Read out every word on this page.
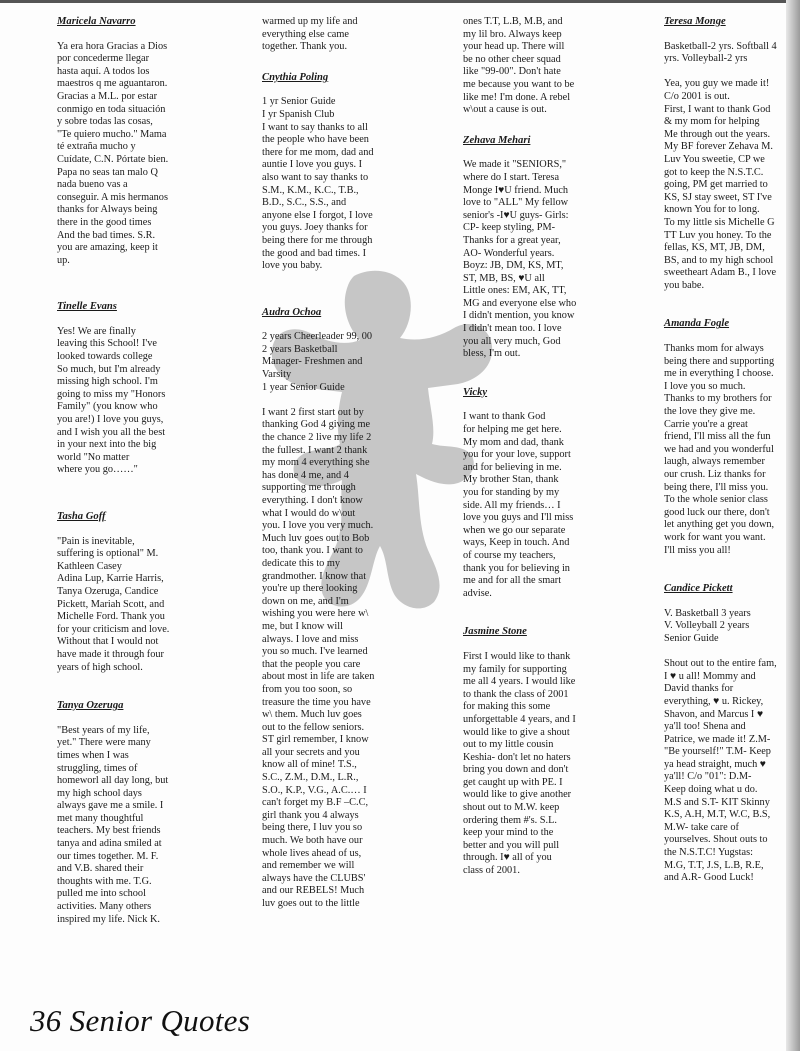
Maricela Navarro

Ya era hora Gracias a Dios
por concederme llegar
hasta aquí. A todos los
maestros q me aguantaron.
Gracias a M.L. por estar
conmigo en toda situación
y sobre todas las cosas,
"Te quiero mucho." Mama
té extraña mucho y
Cuídate, C.N. Pórtate bien.
Papa no seas tan malo Q
nada bueno vas a
conseguir. A mis hermanos
thanks for Always being
there in the good times
And the bad times. S.R.
you are amazing, keep it
up.

Tinelle Evans

Yes! We are finally
leaving this School! I've
looked towards college
So much, but I'm already
missing high school. I'm
going to miss my "Honors
Family" (you know who
you are!) I love you guys,
and I wish you all the best
in your next into the big
world "No matter
where you go……"

Tasha Goff

"Pain is inevitable,
suffering is optional" M.
Kathleen Casey
Adina Lup, Karrie Harris,
Tanya Ozeruga, Candice
Pickett, Mariah Scott, and
Michelle Ford. Thank you
for your criticism and love.
Without that I would not
have made it through four
years of high school.

Tanya Ozeruga

"Best years of my life,
yet." There were many
times when I was
struggling, times of
homeworl all day long, but
my high school days
always gave me a smile. I
met many thoughtful
teachers. My best friends
tanya and adina smiled at
our times together. M. F.
and V.B. shared their
thoughts with me. T.G.
pulled me into school
activities. Many others
inspired my life. Nick K.

warmed up my life and
everything else came
together. Thank you.

Cnythia Poling

1 yr Senior Guide
I yr Spanish Club
I want to say thanks to all
the people who have been
there for me mom, dad and
auntie I love you guys. I
also want to say thanks to
S.M., K.M., K.C., T.B.,
B.D., S.C., S.S., and
anyone else I forgot, I love
you guys. Joey thanks for
being there for me through
the good and bad times. I
love you baby.

Audra Ochoa

2 years Cheerleader 99, 00
2 years Basketball
Manager- Freshmen and
Varsity
1 year Senior Guide

I want 2 first start out by
thanking God 4 giving me
the chance 2 live my life 2
the fullest. I want 2 thank
my mom 4 everything she
has done 4 me, and 4
supporting me through
everything. I don't know
what I would do w\out
you. I love you very much.
Much luv goes out to Bob
too, thank you. I want to
dedicate this to my
grandmother. I know that
you're up there looking
down on me, and I'm
wishing you were here w\
me, but I know will
always. I love and miss
you so much. I've learned
that the people you care
about most in life are taken
from you too soon, so
treasure the time you have
w\ them. Much luv goes
out to the fellow seniors.
ST girl remember, I know
all your secrets and you
know all of mine! T.S.,
S.C., Z.M., D.M., L.R.,
S.O., K.P., V.G., A.C.… I
can't forget my B.F –C.C,
girl thank you 4 always
being there, I luv you so
much. We both have our
whole lives ahead of us,
and remember we will
always have the CLUBS'
and our REBELS! Much
luv goes out to the little

ones T.T, L.B, M.B, and
my lil bro. Always keep
your head up. There will
be no other cheer squad
like "99-00". Don't hate
me because you want to be
like me! I'm done. A rebel
w\out a cause is out.

Zehava Mehari

We made it "SENIORS,"
where do I start. Teresa
Monge I♥U friend. Much
love to "ALL" My fellow
senior's -I♥U guys- Girls:
CP- keep styling, PM-
Thanks for a great year,
AO- Wonderful years.
Boyz: JB, DM, KS, MT,
ST, MB, BS, ♥U all
Little ones: EM, AK, TT,
MG and everyone else who
I didn't mention, you know
I didn't mean too. I love
you all very much, God
bless, I'm out.

Vicky

I want to thank God
for helping me get here.
My mom and dad, thank
you for your love, support
and for believing in me.
My brother Stan, thank
you for standing by my
side. All my friends… I
love you guys and I'll miss
when we go our separate
ways, Keep in touch. And
of course my teachers,
thank you for believing in
me and for all the smart
advise.

Jasmine Stone

First I would like to thank
my family for supporting
me all 4 years. I would like
to thank the class of 2001
for making this some
unforgettable 4 years, and I
would like to give a shout
out to my little cousin
Keshia- don't let no haters
bring you down and don't
get caught up with PE. I
would like to give another
shout out to M.W. keep
ordering them #'s. S.L.
keep your mind to the
better and you will pull
through. I♥ all of you
class of 2001.

Teresa Monge

Basketball-2 yrs. Softball 4
yrs. Volleyball-2 yrs

Yea, you guy we made it!
C/o 2001 is out.
First, I want to thank God
& my mom for helping
Me through out the years.
My BF forever Zehava M.
Luv You sweetie, CP we
got to keep the N.S.T.C.
going, PM get married to
KS, SJ stay sweet, ST I've
known You for to long.
To my little sis Michelle G
TT Luv you honey. To the
fellas, KS, MT, JB, DM,
BS, and to my high school
sweetheart Adam B., I love
you babe.

Amanda Fogle

Thanks mom for always
being there and supporting
me in everything I choose.
I love you so much.
Thanks to my brothers for
the love they give me.
Carrie you're a great
friend, I'll miss all the fun
we had and you wonderful
laugh, always remember
our crush. Liz thanks for
being there, I'll miss you.
To the whole senior class
good luck our there, don't
let anything get you down,
work for want you want.
I'll miss you all!

Candice Pickett

V. Basketball 3 years
V. Volleyball 2 years
Senior Guide

Shout out to the entire fam,
I ♥ u all! Mommy and
David thanks for
everything, ♥ u. Rickey,
Shavon, and Marcus I ♥
ya'll too! Shena and
Patrice, we made it! Z.M-
"Be yourself!" T.M- Keep
ya head straight, much ♥
ya'll! C/o "01": D.M-
Keep doing what u do.
M.S and S.T- KIT Skinny
K.S, A.H, M.T, W.C, B.S,
M.W- take care of
yourselves. Shout outs to
the N.S.T.C! Yugstas:
M.G, T.T, J.S, L.B, R.E,
and A.R- Good Luck!

36 Senior Quotes
